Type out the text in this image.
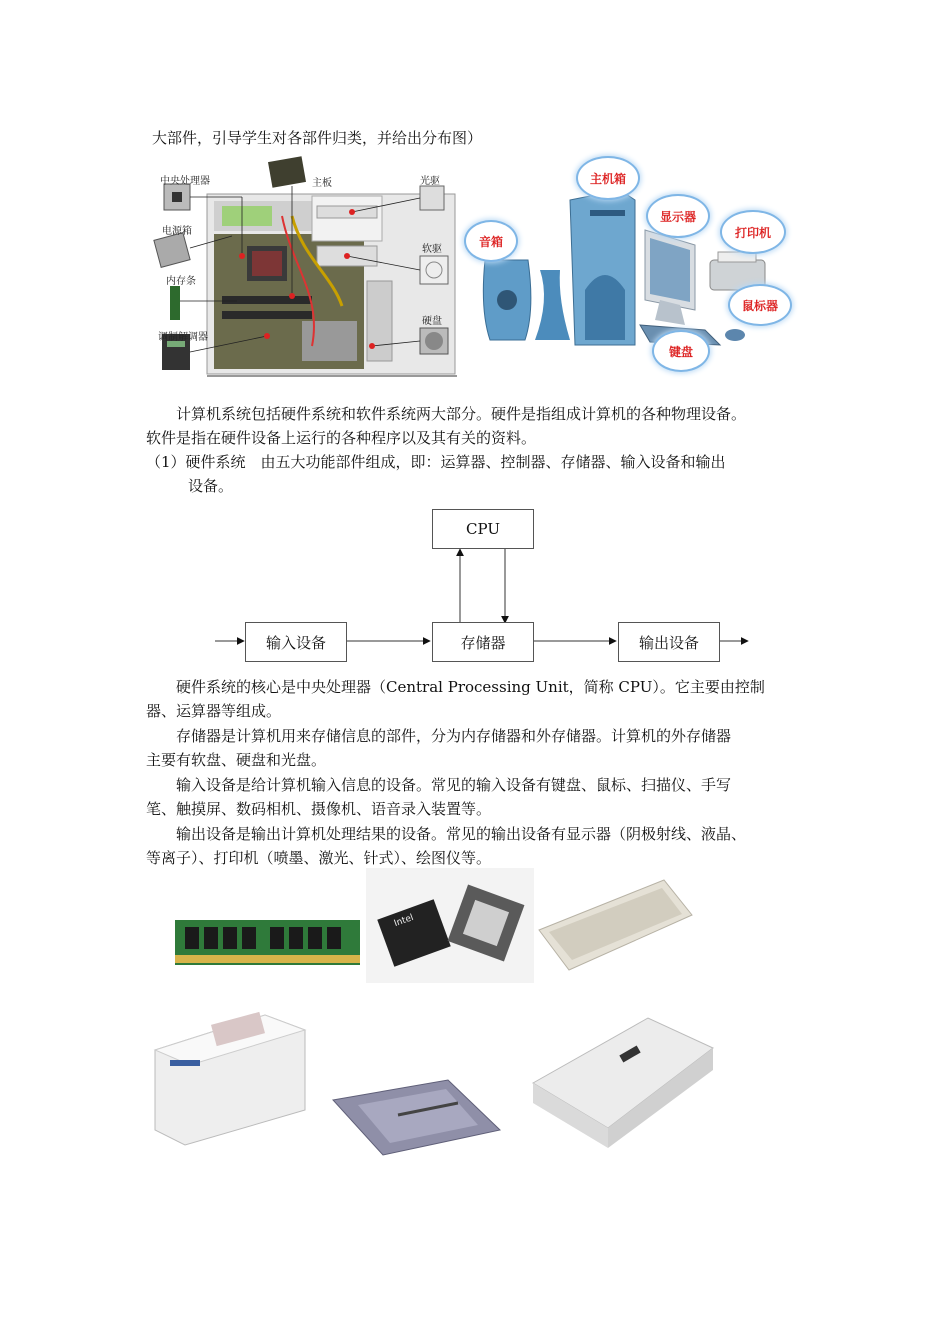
大部件，引导学生对各部件归类，并给出分布图）
中央处理器	主板	光驱
电源箱
软驱
内存条
硬盘
调制解调器
主机箱
音箱
显示器
打印机
鼠标器
键盘
计算机系统包括硬件系统和软件系统两大部分。硬件是指组成计算机的各种物理设备。
软件是指在硬件设备上运行的各种程序以及其有关的资料。
（1）硬件系统　由五大功能部件组成，即：运算器、控制器、存储器、输入设备和输出
设备。
CPU
输入设备	存储器	输出设备
硬件系统的核心是中央处理器（Central Processing Unit，简称 CPU）。它主要由控制
器、运算器等组成。
存储器是计算机用来存储信息的部件，分为内存储器和外存储器。计算机的外存储器
主要有软盘、硬盘和光盘。
输入设备是给计算机输入信息的设备。常见的输入设备有键盘、鼠标、扫描仪、手写
笔、触摸屏、数码相机、摄像机、语音录入装置等。
输出设备是输出计算机处理结果的设备。常见的输出设备有显示器（阴极射线、液晶、
等离子）、打印机（喷墨、激光、针式）、绘图仪等。
Intel
